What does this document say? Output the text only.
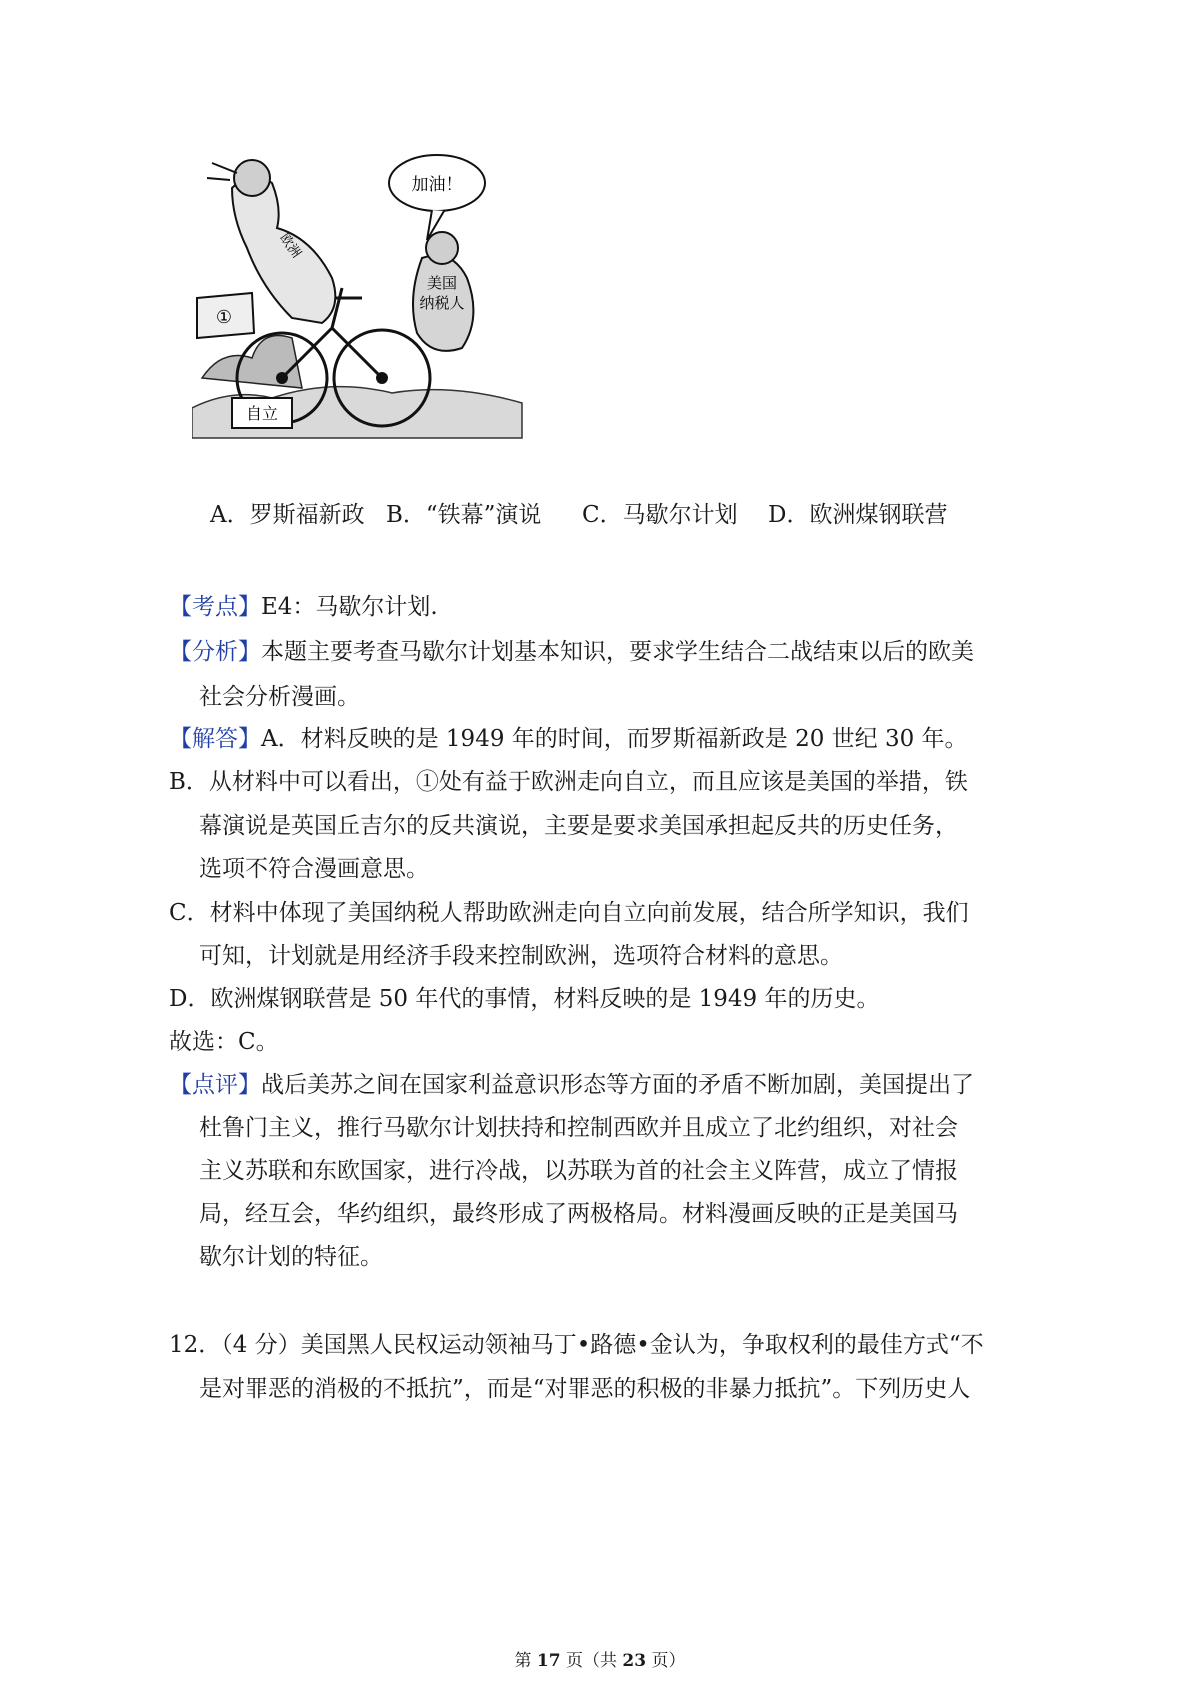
加油！
欧洲
美国
纳税人
自立
①
A．罗斯福新政 B．“铁幕”演说 C．马歇尔计划 D．欧洲煤钢联营
【考点】E4：马歇尔计划.
【分析】本题主要考查马歇尔计划基本知识，要求学生结合二战结束以后的欧美
社会分析漫画。
【解答】A．材料反映的是 1949 年的时间，而罗斯福新政是 20 世纪 30 年。
B．从材料中可以看出，①处有益于欧洲走向自立，而且应该是美国的举措，铁
幕演说是英国丘吉尔的反共演说，主要是要求美国承担起反共的历史任务，
选项不符合漫画意思。
C．材料中体现了美国纳税人帮助欧洲走向自立向前发展，结合所学知识，我们
可知，计划就是用经济手段来控制欧洲，选项符合材料的意思。
D．欧洲煤钢联营是 50 年代的事情，材料反映的是 1949 年的历史。
故选：C。
【点评】战后美苏之间在国家利益意识形态等方面的矛盾不断加剧，美国提出了
杜鲁门主义，推行马歇尔计划扶持和控制西欧并且成立了北约组织，对社会
主义苏联和东欧国家，进行冷战，以苏联为首的社会主义阵营，成立了情报
局，经互会，华约组织，最终形成了两极格局。材料漫画反映的正是美国马
歇尔计划的特征。
12．（4 分）美国黑人民权运动领袖马丁•路德•金认为，争取权利的最佳方式“不
是对罪恶的消极的不抵抗”，而是“对罪恶的积极的非暴力抵抗”。下列历史人
第 17 页（共 23 页）
